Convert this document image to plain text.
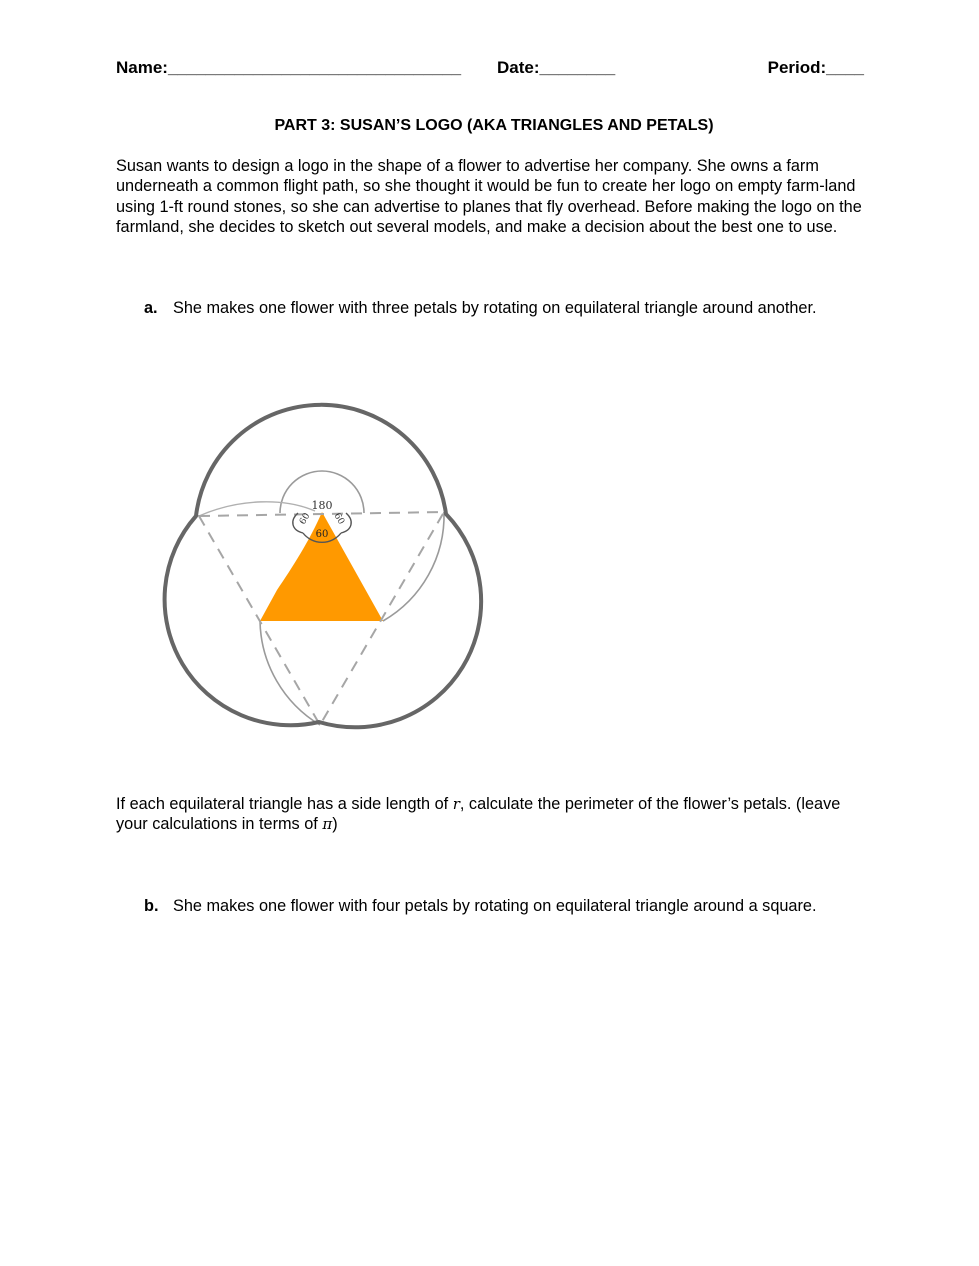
Name:_______________________________ Date:________	Period:____
PART 3: SUSAN’S LOGO (AKA TRIANGLES AND PETALS)

Susan wants to design a logo in the shape of a flower to advertise her company. She owns a farm underneath a common flight path, so she thought it would be fun to create her logo on empty farm-land using 1-ft round stones, so she can advertise to planes that fly overhead. Before making the logo on the farmland, she decides to sketch out several models, and make a decision about the best one to use.

a. She makes one flower with three petals by rotating on equilateral triangle around another.
180
60
60 60

If each equilateral triangle has a side length of r, calculate the perimeter of the flower’s petals. (leave your calculations in terms of π)

b. She makes one flower with four petals by rotating on equilateral triangle around a square.
